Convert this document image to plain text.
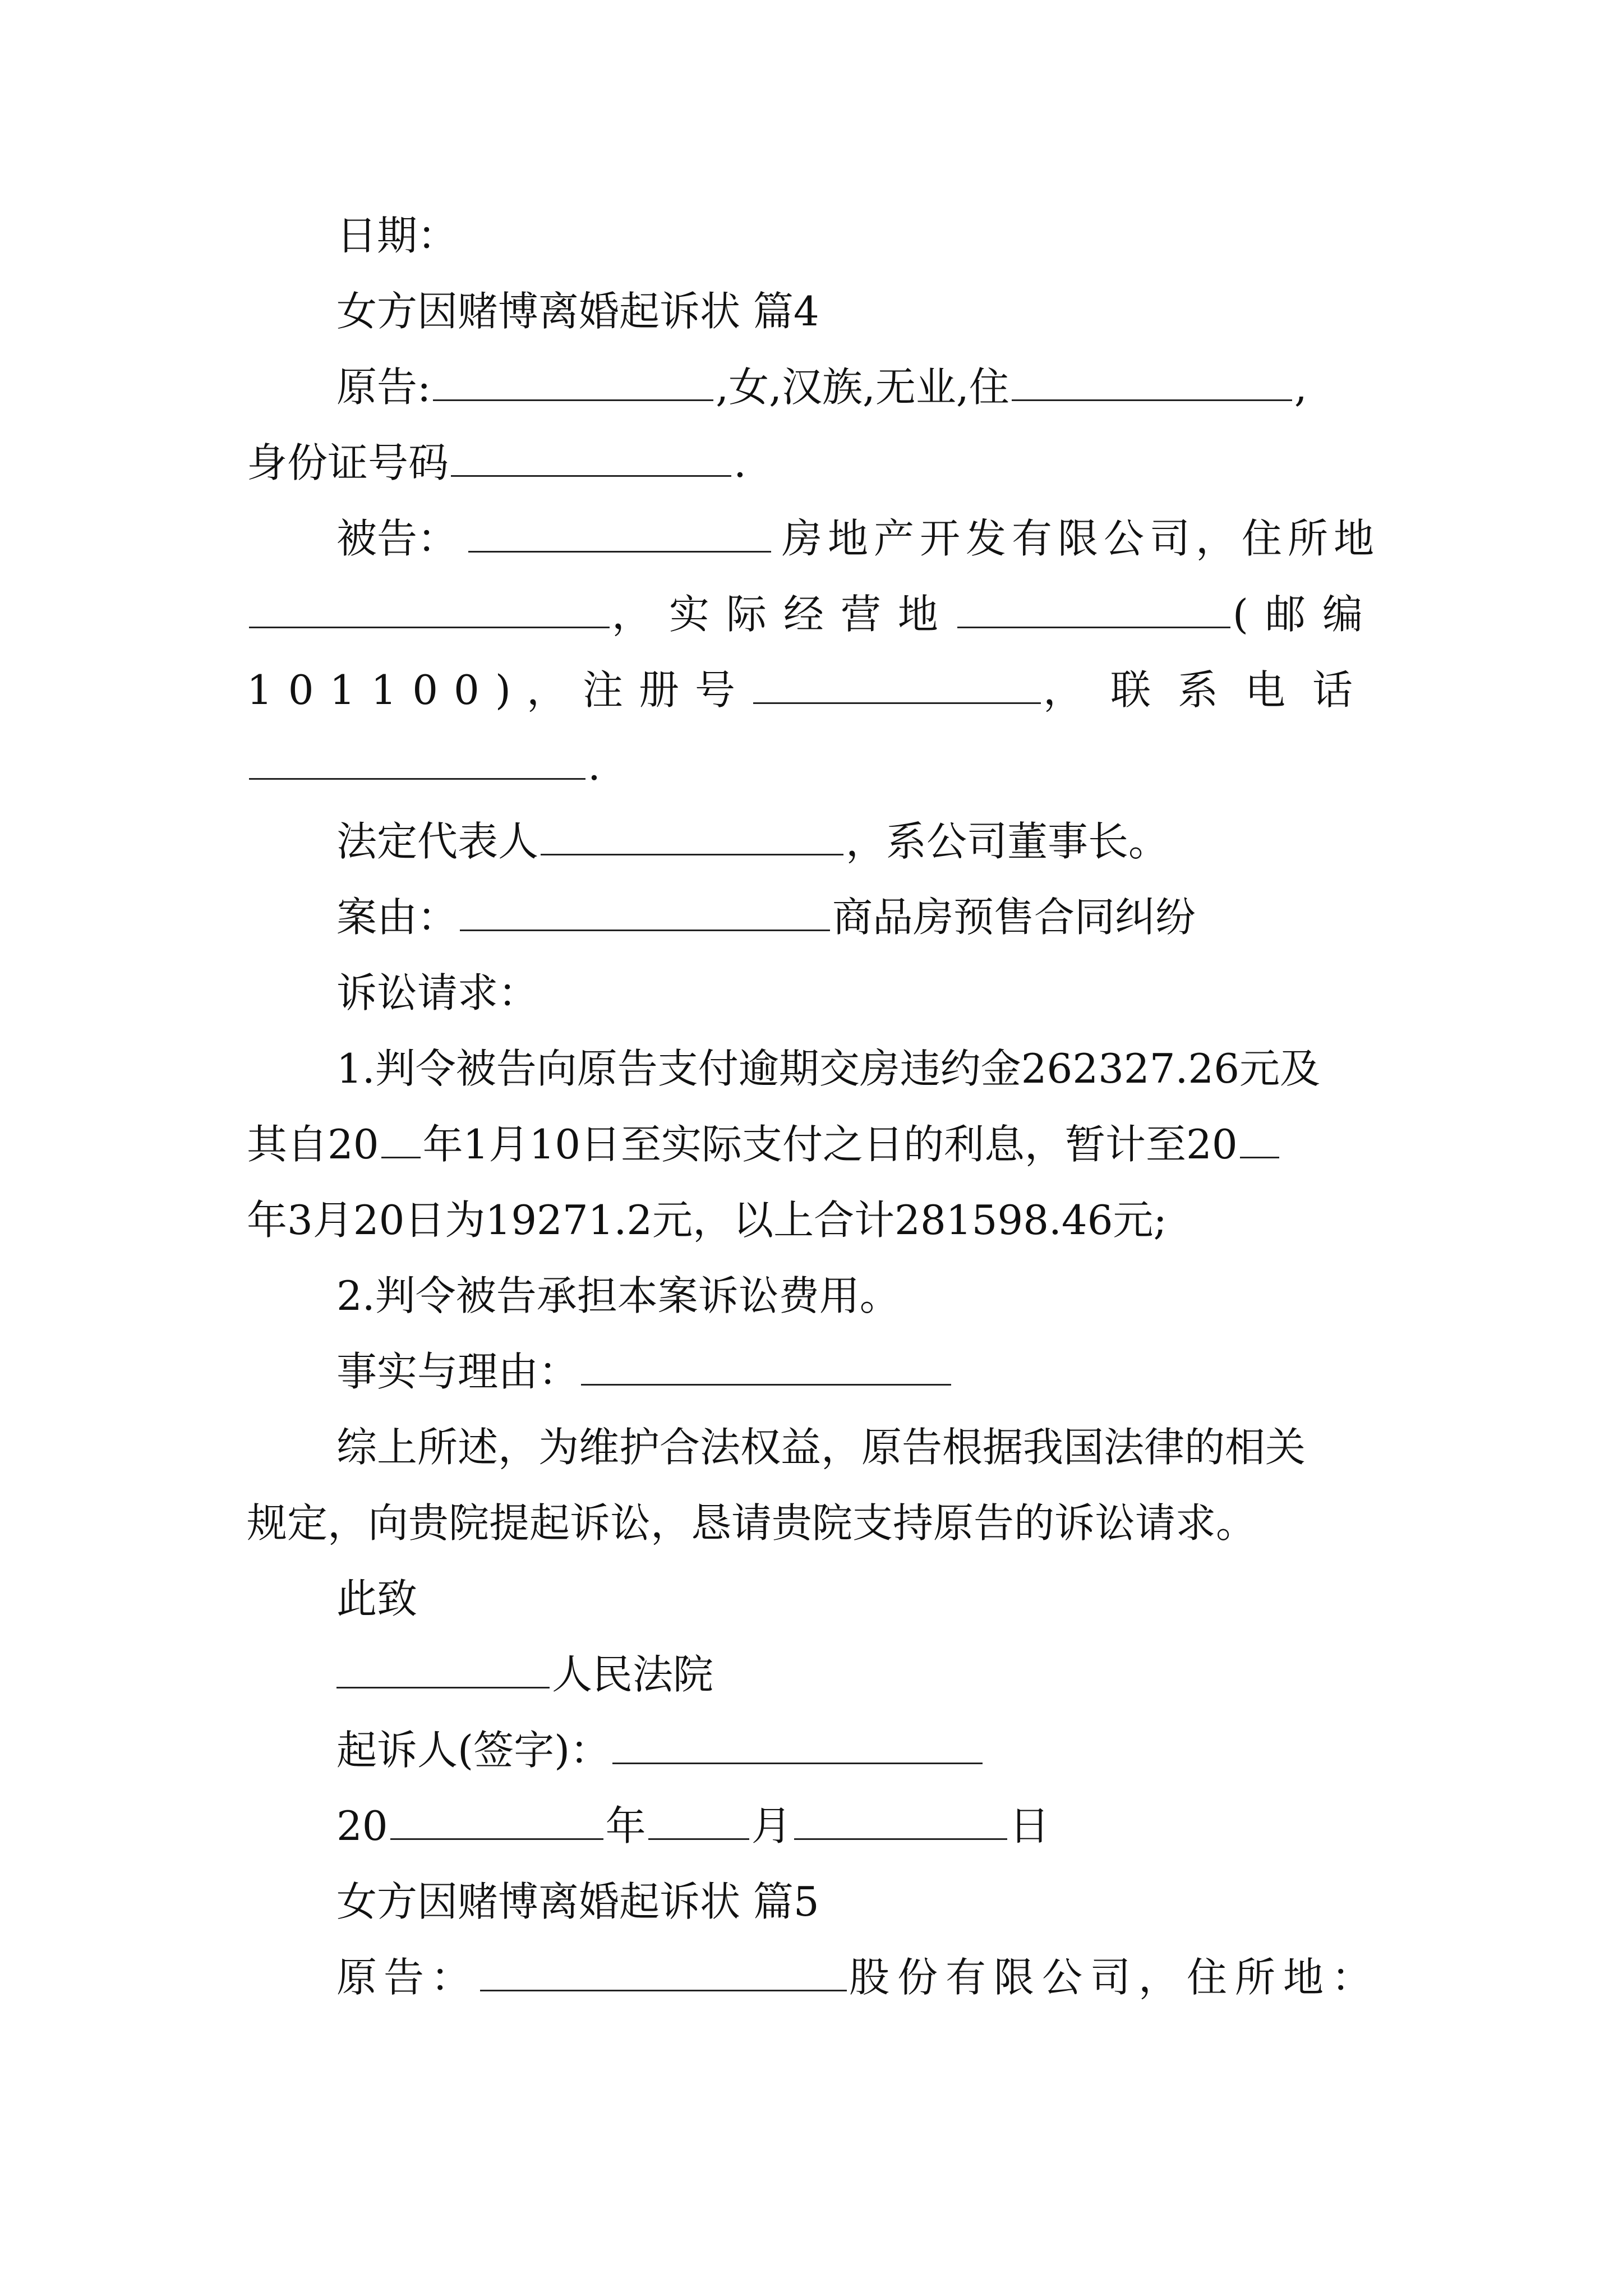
日期：
女方因赌博离婚起诉状 篇4
原告:	,女,汉族,无业,住	,
身份证号码	.
被告：	房地产开发有限公司，住所地
，实际经营地	(邮编
101100)，注册号	，联系电话
.
法定代表人	，系公司董事长。
案由：	商品房预售合同纠纷
诉讼请求：
1.判令被告向原告支付逾期交房违约金262327.26元及
其自20 年1月10日至实际支付之日的利息，暂计至20
年3月20日为19271.2元，以上合计281598.46元;
2.判令被告承担本案诉讼费用。
事实与理由：
综上所述，为维护合法权益，原告根据我国法律的相关
规定，向贵院提起诉讼，恳请贵院支持原告的诉讼请求。
此致
人民法院
起诉人(签字)：
20	年	月	日
女方因赌博离婚起诉状 篇5
原告：	股份有限公司，住所地：
